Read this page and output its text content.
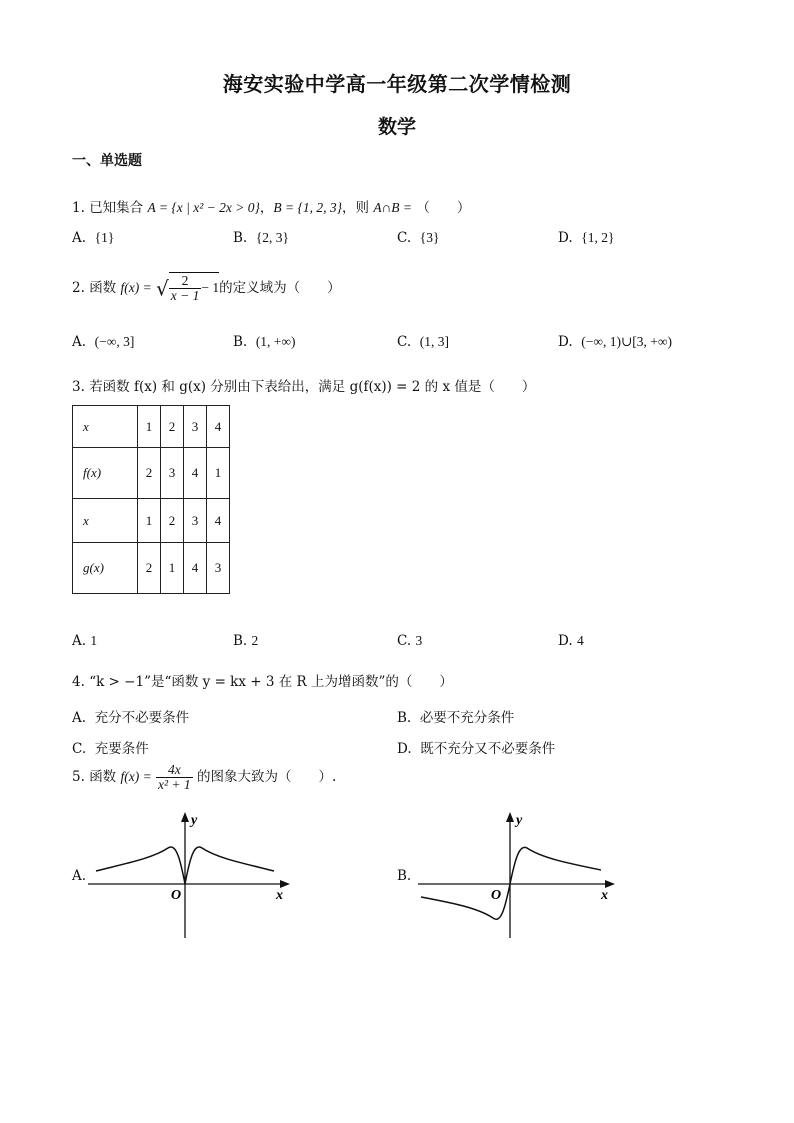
海安实验中学高一年级第二次学情检测
数学
一、单选题
1. 已知集合 A = {x | x² − 2x > 0}，B = {1, 2, 3}，则 A∩B = （　　）
A. {1}	B. {2, 3}	C. {3}	D. {1, 2}
2. 函数 f(x) = √ $\frac{2}{x - 1} - 1$的定义域为（　　）
A. (−∞, 3]	B. (1, +∞)	C. (1, 3]	D. (−∞, 1)∪[3, +∞)
3. 若函数 f(x) 和 g(x) 分别由下表给出，满足 g(f(x)) = 2 的 x 值是（　　）
x	1	2	3	4
f(x)	2	3	4	1
x	1	2	3	4
g(x)	2	1	4	3
A. 1	B. 2	C. 3	D. 4
4. “k > −1”是“函数 y = kx + 3 在 R 上为增函数”的（　　）
A. 充分不必要条件	B. 必要不充分条件
C. 充要条件	D. 既不充分又不必要条件
5. 函数 $f(x) = \frac{4x}{\text{x² + 1}}$ 的图象大致为（　　）.
A.
y
x
O
B.
y
x
O
